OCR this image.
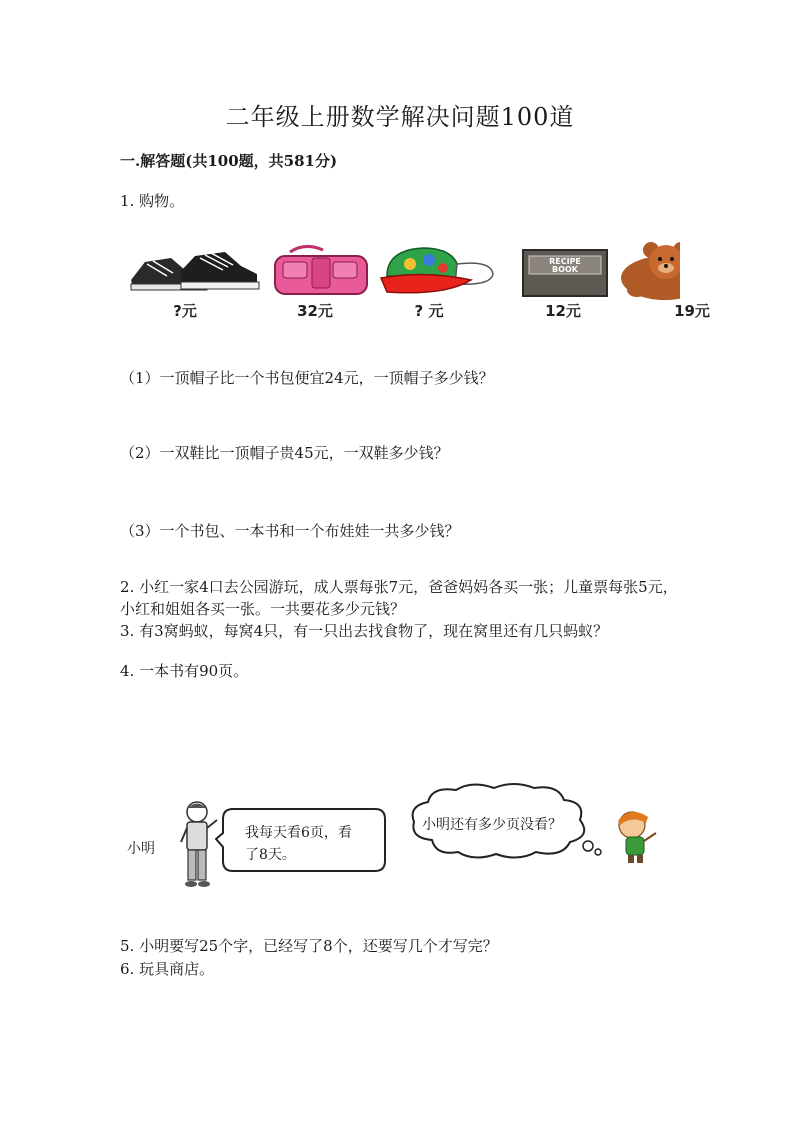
二年级上册数学解决问题100道
一.解答题(共100题，共581分)
1. 购物。
RECIPE
BOOK
?元	32元	? 元	12元	19元
（1）一顶帽子比一个书包便宜24元，一顶帽子多少钱？
（2）一双鞋比一顶帽子贵45元，一双鞋多少钱？
（3）一个书包、一本书和一个布娃娃一共多少钱？
2. 小红一家4口去公园游玩，成人票每张7元，爸爸妈妈各买一张；儿童票每张5元，小红和姐姐各买一张。一共要花多少元钱？
3. 有3窝蚂蚁，每窝4只，有一只出去找食物了，现在窝里还有几只蚂蚁？
4. 一本书有90页。
小明
我每天看6页，看
了8天。
小明还有多少页没看？
5. 小明要写25个字，已经写了8个，还要写几个才写完？
6. 玩具商店。
